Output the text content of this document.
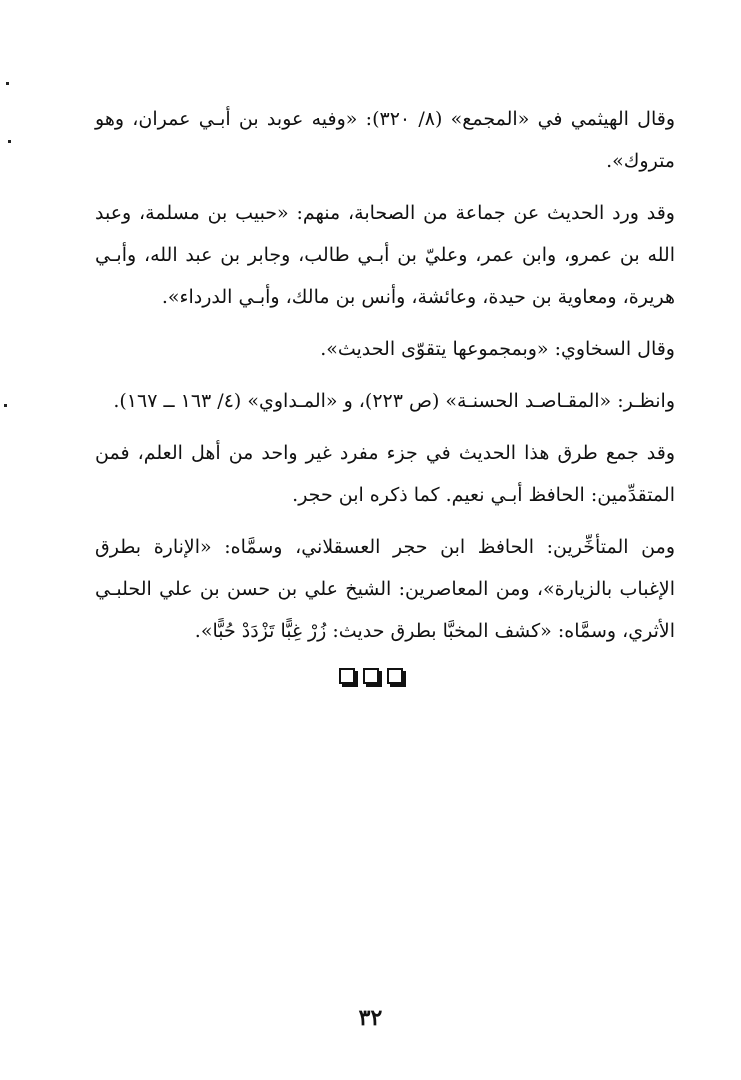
وقال الهيثمي في «المجمع» (٨/ ٣٢٠): «وفيه عوبد بن أبـي عمران، وهو متروك».

وقد ورد الحديث عن جماعة من الصحابة، منهم: «حبيب بن مسلمة، وعبد الله بن عمرو، وابن عمر، وعليّ بن أبـي طالب، وجابر بن عبد الله، وأبـي هريرة، ومعاوية بن حيدة، وعائشة، وأنس بن مالك، وأبـي الدرداء».

وقال السخاوي: «وبمجموعها يتقوّى الحديث».

وانظـر: «المقـاصـد الحسنـة» (ص ٢٢٣)، و «المـداوي» (٤/ ١٦٣ ــ ١٦٧).

وقد جمع طرق هذا الحديث في جزء مفرد غير واحد من أهل العلم، فمن المتقدِّمين: الحافظ أبـي نعيم. كما ذكره ابن حجر.

ومن المتأخِّرين: الحافظ ابن حجر العسقلاني، وسمَّاه: «الإنارة بطرق الإغباب بالزيارة»، ومن المعاصرين: الشيخ علي بن حسن بن علي الحلبـي الأثري، وسمَّاه: «كشف المخبَّا بطرق حديث: زُرْ غِبًّا تَزْدَدْ حُبًّا».

٣٢
